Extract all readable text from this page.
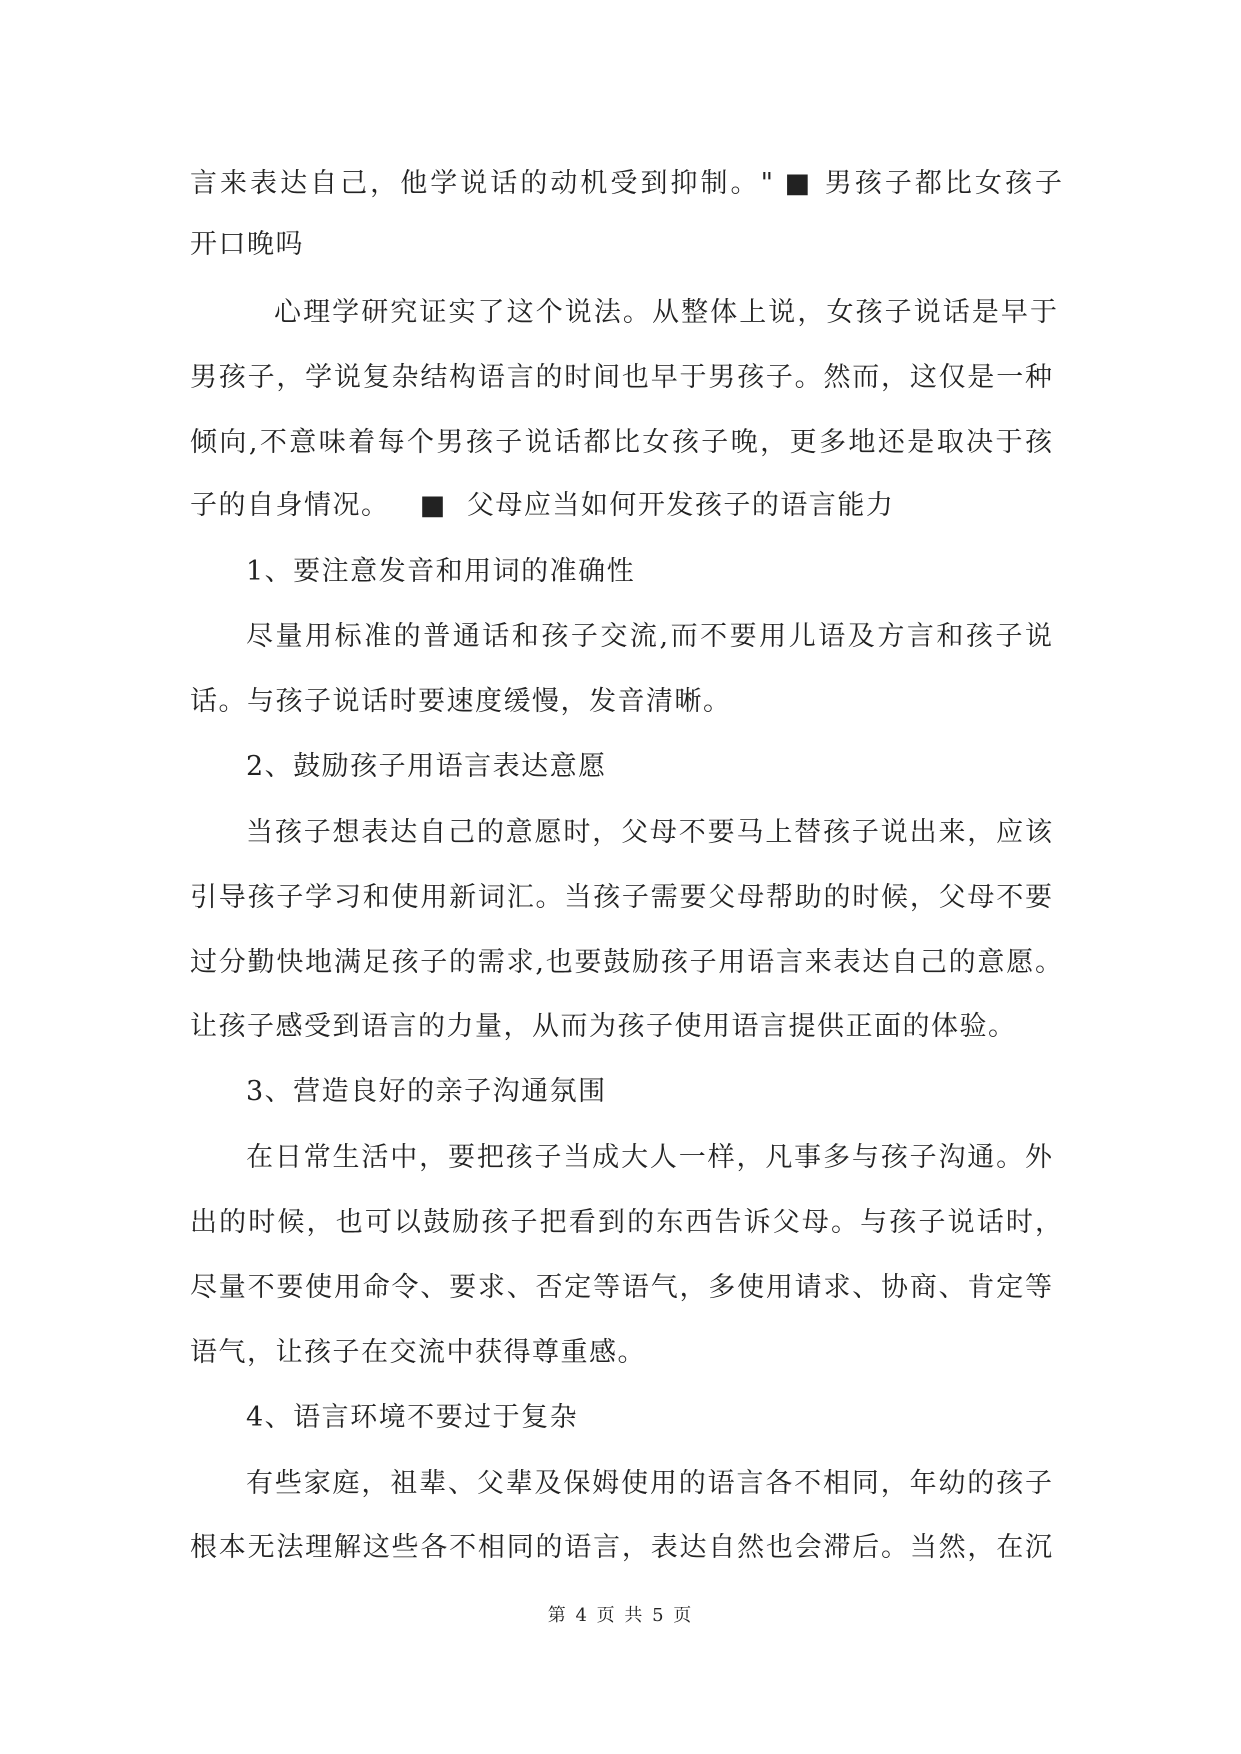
言来表达自己，他学说话的动机受到抑制。" ■ 男孩子都比女孩子
开口晚吗
心理学研究证实了这个说法。从整体上说，女孩子说话是早于
男孩子，学说复杂结构语言的时间也早于男孩子。然而，这仅是一种
倾向,不意味着每个男孩子说话都比女孩子晚，更多地还是取决于孩
子的自身情况。   ■  父母应当如何开发孩子的语言能力
1、要注意发音和用词的准确性
尽量用标准的普通话和孩子交流,而不要用儿语及方言和孩子说
话。与孩子说话时要速度缓慢，发音清晰。
2、鼓励孩子用语言表达意愿
当孩子想表达自己的意愿时，父母不要马上替孩子说出来，应该
引导孩子学习和使用新词汇。当孩子需要父母帮助的时候，父母不要
过分勤快地满足孩子的需求,也要鼓励孩子用语言来表达自己的意愿。
让孩子感受到语言的力量，从而为孩子使用语言提供正面的体验。
3、营造良好的亲子沟通氛围
在日常生活中，要把孩子当成大人一样，凡事多与孩子沟通。外
出的时候，也可以鼓励孩子把看到的东西告诉父母。与孩子说话时，
尽量不要使用命令、要求、否定等语气，多使用请求、协商、肯定等
语气，让孩子在交流中获得尊重感。
4、语言环境不要过于复杂
有些家庭，祖辈、父辈及保姆使用的语言各不相同，年幼的孩子
根本无法理解这些各不相同的语言，表达自然也会滞后。当然，在沉
第 4 页 共 5 页
